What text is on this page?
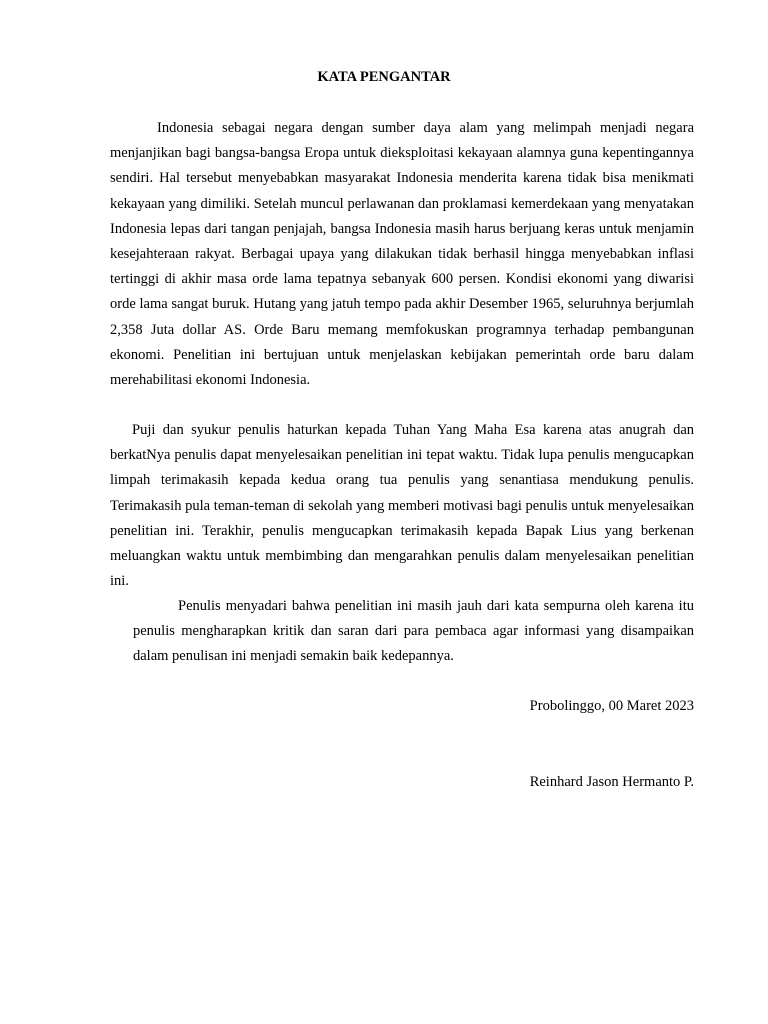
KATA PENGANTAR

Indonesia sebagai negara dengan sumber daya alam yang melimpah menjadi negara menjanjikan bagi bangsa-bangsa Eropa untuk dieksploitasi kekayaan alamnya guna kepentingannya sendiri. Hal tersebut menyebabkan masyarakat Indonesia menderita karena tidak bisa menikmati kekayaan yang dimiliki. Setelah muncul perlawanan dan proklamasi kemerdekaan yang menyatakan Indonesia lepas dari tangan penjajah, bangsa Indonesia masih harus berjuang keras untuk menjamin kesejahteraan rakyat. Berbagai upaya yang dilakukan tidak berhasil hingga menyebabkan inflasi tertinggi di akhir masa orde lama tepatnya sebanyak 600 persen. Kondisi ekonomi yang diwarisi orde lama sangat buruk. Hutang yang jatuh tempo pada akhir Desember 1965, seluruhnya berjumlah 2,358 Juta dollar AS. Orde Baru memang memfokuskan programnya terhadap pembangunan ekonomi. Penelitian ini bertujuan untuk menjelaskan kebijakan pemerintah orde baru dalam merehabilitasi ekonomi Indonesia.

Puji dan syukur penulis haturkan kepada Tuhan Yang Maha Esa karena atas anugrah dan berkatNya penulis dapat menyelesaikan penelitian ini tepat waktu. Tidak lupa penulis mengucapkan limpah terimakasih kepada kedua orang tua penulis yang senantiasa mendukung penulis. Terimakasih pula teman-teman di sekolah yang memberi motivasi bagi penulis untuk menyelesaikan penelitian ini. Terakhir, penulis mengucapkan terimakasih kepada Bapak Lius yang berkenan meluangkan waktu untuk membimbing dan mengarahkan penulis dalam menyelesaikan penelitian ini.

Penulis menyadari bahwa penelitian ini masih jauh dari kata sempurna oleh karena itu penulis mengharapkan kritik dan saran dari para pembaca agar informasi yang disampaikan dalam penulisan ini menjadi semakin baik kedepannya.

Probolinggo, 00 Maret 2023
Reinhard Jason Hermanto P.
